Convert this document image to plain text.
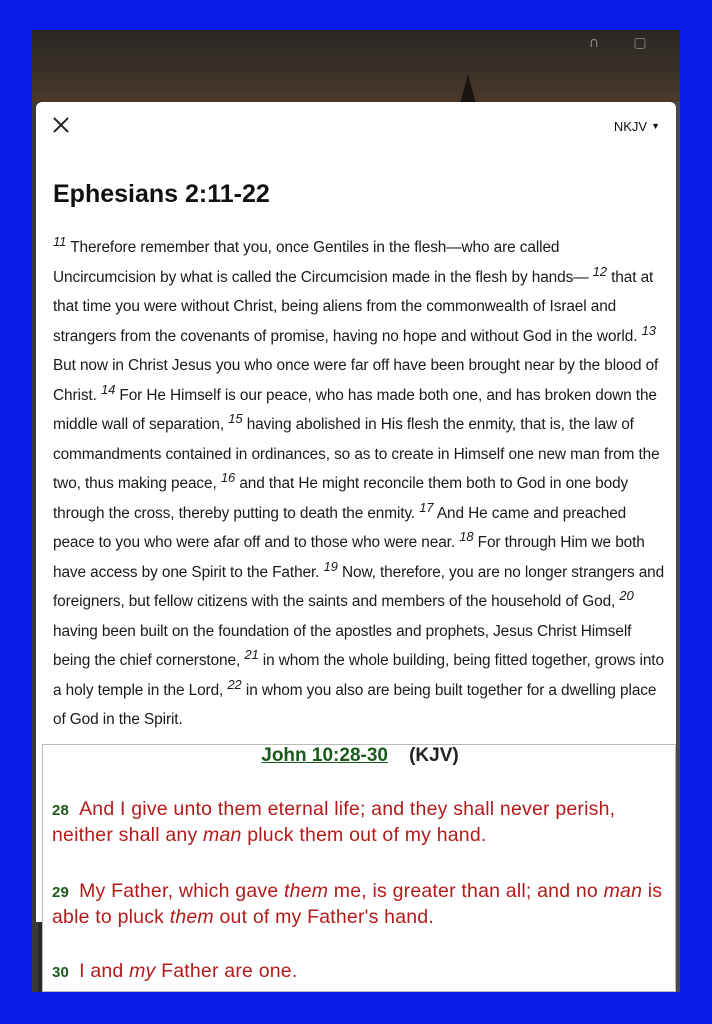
∩	▢
NKJV ▼
Ephesians 2:11-22

$^{11}$ Therefore remember that you, once Gentiles in the flesh—who are called Uncircumcision by what is called the Circumcision made in the flesh by hands— $^{12}$ that at that time you were without Christ, being aliens from the commonwealth of Israel and strangers from the covenants of promise, having no hope and without God in the world. $^{13}$ But now in Christ Jesus you who once were far off have been brought near by the blood of Christ. $^{14}$ For He Himself is our peace, who has made both one, and has broken down the middle wall of separation, $^{15}$ having abolished in His flesh the enmity, that is, the law of commandments contained in ordinances, so as to create in Himself one new man from the two, thus making peace, $^{16}$ and that He might reconcile them both to God in one body through the cross, thereby putting to death the enmity. $^{17}$ And He came and preached peace to you who were afar off and to those who were near. $^{18}$ For through Him we both have access by one Spirit to the Father. $^{19}$ Now, therefore, you are no longer strangers and foreigners, but fellow citizens with the saints and members of the household of God, $^{20}$ having been built on the foundation of the apostles and prophets, Jesus Christ Himself being the chief cornerstone, $^{21}$ in whom the whole building, being fitted together, grows into a holy temple in the Lord, $^{22}$ in whom you also are being built together for a dwelling place of God in the Spirit.

John 10:28-30 (KJV)

28 And I give unto them eternal life; and they shall never perish, neither shall any man pluck them out of my hand.

29 My Father, which gave them me, is greater than all; and no man is able to pluck them out of my Father's hand.

30 I and my Father are one.
